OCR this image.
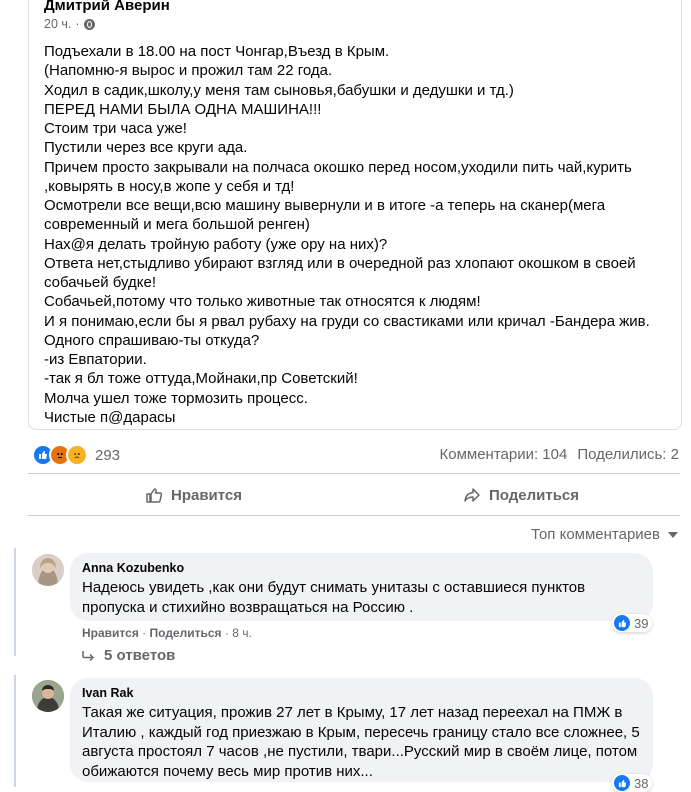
Дмитрий Аверин
20 ч. ·
Подъехали в 18.00 на пост Чонгар,Въезд в Крым.
(Напомню-я вырос и прожил там 22 года.
Ходил в садик,школу,у меня там сыновья,бабушки и дедушки и тд.)
ПЕРЕД НАМИ БЫЛА ОДНА МАШИНА!!!
Стоим три часа уже!
Пустили через все круги ада.
Причем просто закрывали на полчаса окошко перед носом,уходили пить чай,курить
,ковырять в носу,в жопе у себя и тд!
Осмотрели все вещи,всю машину вывернули и в итоге -а теперь на сканер(мега
современный и мега большой ренген)
Нах@я делать тройную работу (уже ору на них)?
Ответа нет,стыдливо убирают взгляд или в очередной раз хлопают окошком в своей
собачьей будке!
Собачьей,потому что только животные так относятся к людям!
И я понимаю,если бы я рвал рубаху на груди со свастиками или кричал -Бандера жив.
Одного спрашиваю-ты откуда?
-из Евпатории.
-так я бл тоже оттуда,Мойнаки,пр Советский!
Молча ушел тоже тормозить процесс.
Чистые п@дарасы
293	Комментарии: 104 Поделились: 2
Нравится	Поделиться
Топ комментариев
Anna Kozubenko
Надеюсь увидеть ,как они будут снимать унитазы с оставшиеся пунктов
пропуска и стихийно возвращаться на Россию .
39
Нравится · Поделиться · 8 ч.
5 ответов
Ivan Rak
Такая же ситуация, прожив 27 лет в Крыму, 17 лет назад переехал на ПМЖ в
Италию , каждый год приезжаю в Крым, пересечь границу стало все сложнее, 5
августа простоял 7 часов ,не пустили, твари...Русский мир в своём лице, потом
обижаются почему весь мир против них...
38
